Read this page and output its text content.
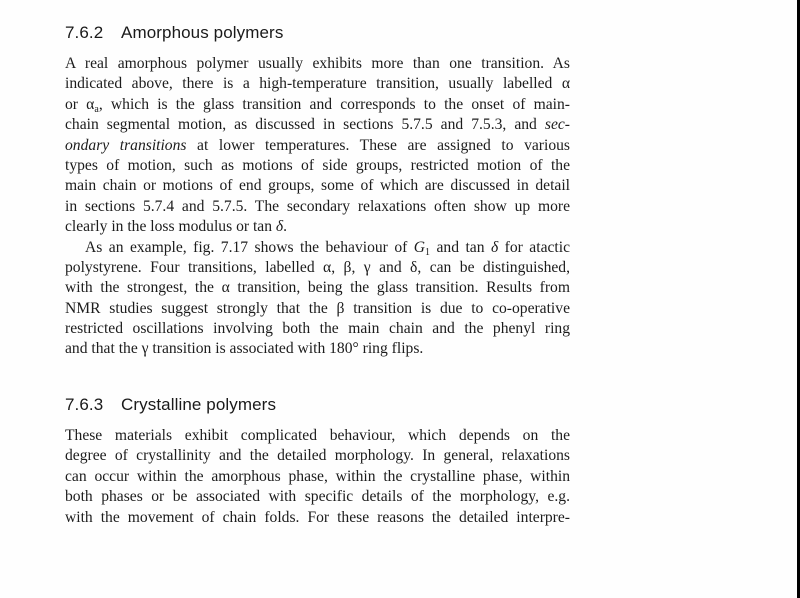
7.6.2 Amorphous polymers
A real amorphous polymer usually exhibits more than one transition. As
indicated above, there is a high-temperature transition, usually labelled α
or $\alpha_a$, which is the glass transition and corresponds to the onset of main-
chain segmental motion, as discussed in sections 5.7.5 and 7.5.3, and sec-
ondary transitions at lower temperatures. These are assigned to various
types of motion, such as motions of side groups, restricted motion of the
main chain or motions of end groups, some of which are discussed in detail
in sections 5.7.4 and 5.7.5. The secondary relaxations often show up more
clearly in the loss modulus or tan δ.
As an example, fig. 7.17 shows the behaviour of $G_1$ and tan δ for atactic
polystyrene. Four transitions, labelled α, β, γ and δ, can be distinguished,
with the strongest, the α transition, being the glass transition. Results from
NMR studies suggest strongly that the β transition is due to co-operative
restricted oscillations involving both the main chain and the phenyl ring
and that the γ transition is associated with 180° ring flips.
7.6.3 Crystalline polymers
These materials exhibit complicated behaviour, which depends on the
degree of crystallinity and the detailed morphology. In general, relaxations
can occur within the amorphous phase, within the crystalline phase, within
both phases or be associated with specific details of the morphology, e.g.
with the movement of chain folds. For these reasons the detailed interpre-
